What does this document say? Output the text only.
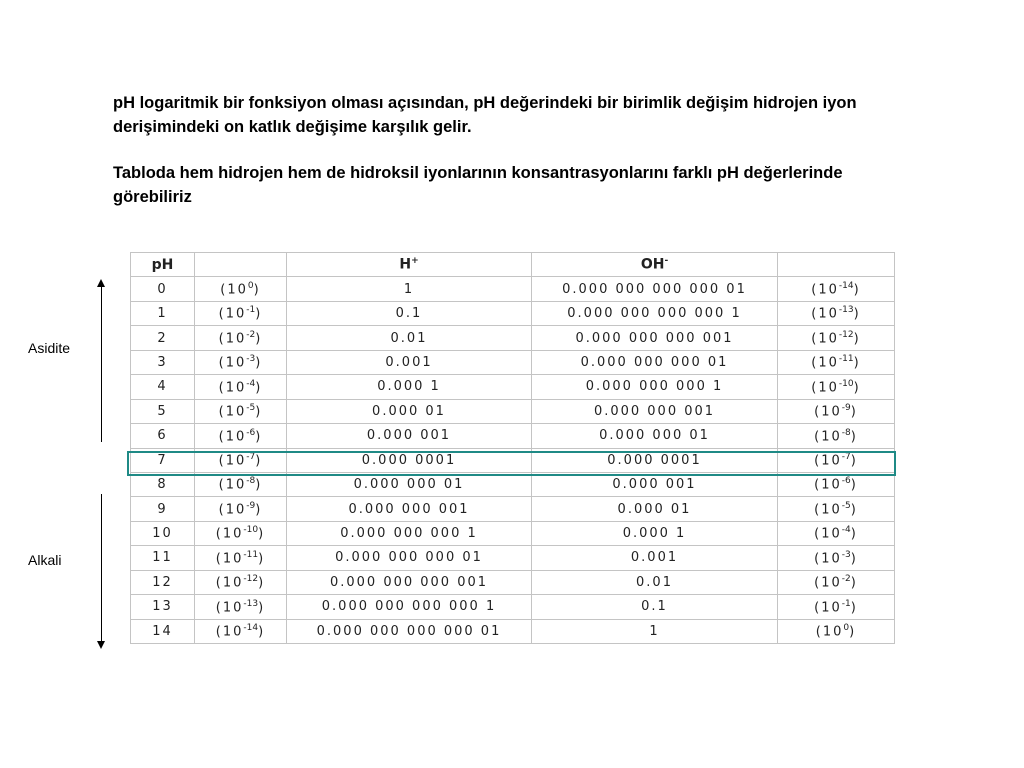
pH logaritmik bir fonksiyon olması açısından, pH değerindeki bir birimlik değişim hidrojen iyon derişimindeki on katlık değişime karşılık gelir.
Tabloda hem hidrojen hem de hidroksil iyonlarının konsantrasyonlarını farklı pH değerlerinde görebiliriz
Asidite
Alkali
pH		H+	OH-	
0	$(10^0)$	1	0.000 000 000 000 01	$(10^{-14})$
1	$(10^{-1})$	0.1	0.000 000 000 000 1	$(10^{-13})$
2	$(10^{-2})$	0.01	0.000 000 000 001	$(10^{-12})$
3	$(10^{-3})$	0.001	0.000 000 000 01	$(10^{-11})$
4	$(10^{-4})$	0.000 1	0.000 000 000 1	$(10^{-10})$
5	$(10^{-5})$	0.000 01	0.000 000 001	$(10^{-9})$
6	$(10^{-6})$	0.000 001	0.000 000 01	$(10^{-8})$
7	$(10^{-7})$	0.000 0001	0.000 0001	$(10^{-7})$
8	$(10^{-8})$	0.000 000 01	0.000 001	$(10^{-6})$
9	$(10^{-9})$	0.000 000 001	0.000 01	$(10^{-5})$
10	$(10^{-10})$	0.000 000 000 1	0.000 1	$(10^{-4})$
11	$(10^{-11})$	0.000 000 000 01	0.001	$(10^{-3})$
12	$(10^{-12})$	0.000 000 000 001	0.01	$(10^{-2})$
13	$(10^{-13})$	0.000 000 000 000 1	0.1	$(10^{-1})$
14	$(10^{-14})$	0.000 000 000 000 01	1	$(10^0)$
